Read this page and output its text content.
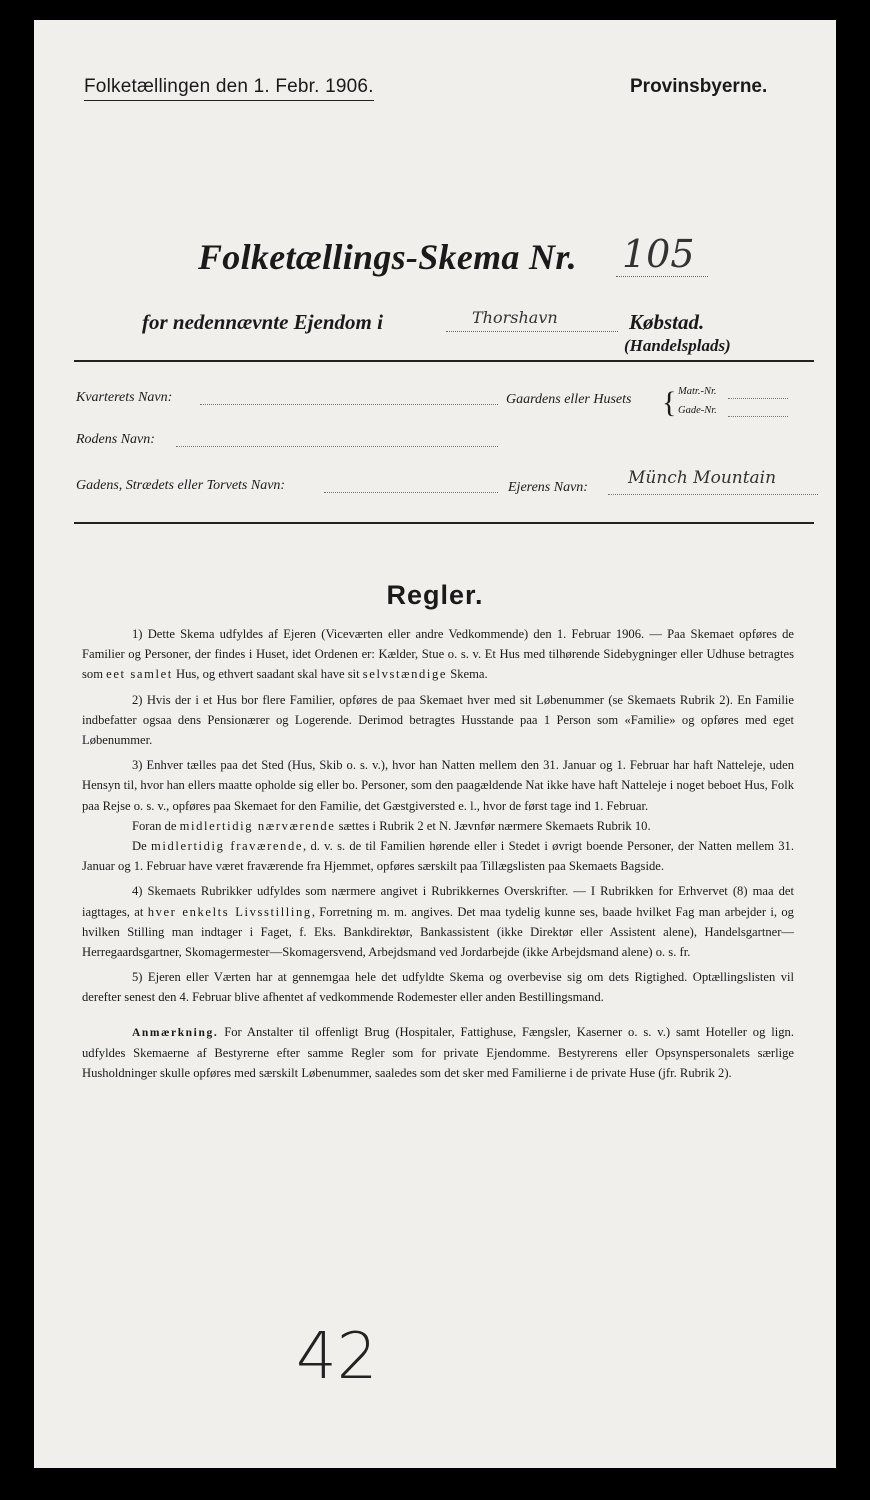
Folketællingen den 1. Febr. 1906.	Provinsbyerne.
Folketællings-Skema Nr. 105
for nedennævnte Ejendom i	Thorshavn	Købstad.
(Handelsplads)
Kvarterets Navn:	Gaardens eller Husets { Matr.-Nr.
Gade-Nr.
Rodens Navn:
Gadens, Strædets eller Torvets Navn:	Ejerens Navn: Münch Mountain
Regler.

1) Dette Skema udfyldes af Ejeren (Viceværten eller andre Vedkommende) den 1. Februar 1906. — Paa Skemaet opføres de Familier og Personer, der findes i Huset, idet Ordenen er: Kælder, Stue o. s. v. Et Hus med tilhørende Sidebygninger eller Udhuse betragtes som eet samlet Hus, og ethvert saadant skal have sit selvstændige Skema.

2) Hvis der i et Hus bor flere Familier, opføres de paa Skemaet hver med sit Løbenummer (se Skemaets Rubrik 2). En Familie indbefatter ogsaa dens Pensionærer og Logerende. Derimod betragtes Husstande paa 1 Person som «Familie» og opføres med eget Løbenummer.

3) Enhver tælles paa det Sted (Hus, Skib o. s. v.), hvor han Natten mellem den 31. Januar og 1. Februar har haft Natteleje, uden Hensyn til, hvor han ellers maatte opholde sig eller bo. Personer, som den paagældende Nat ikke have haft Natteleje i noget beboet Hus, Folk paa Rejse o. s. v., opføres paa Skemaet for den Familie, det Gæstgiversted e. l., hvor de først tage ind 1. Februar.

Foran de midlertidig nærværende sættes i Rubrik 2 et N. Jævnfør nærmere Skemaets Rubrik 10.

De midlertidig fraværende, d. v. s. de til Familien hørende eller i Stedet i øvrigt boende Personer, der Natten mellem 31. Januar og 1. Februar have været fraværende fra Hjemmet, opføres særskilt paa Tillægslisten paa Skemaets Bagside.

4) Skemaets Rubrikker udfyldes som nærmere angivet i Rubrikkernes Overskrifter. — I Rubrikken for Erhvervet (8) maa det iagttages, at hver enkelts Livsstilling, Forretning m. m. angives. Det maa tydelig kunne ses, baade hvilket Fag man arbejder i, og hvilken Stilling man indtager i Faget, f. Eks. Bankdirektør, Bankassistent (ikke Direktør eller Assistent alene), Handelsgartner—Herregaardsgartner, Skomagermester—Skomagersvend, Arbejdsmand ved Jordarbejde (ikke Arbejdsmand alene) o. s. fr.

5) Ejeren eller Værten har at gennemgaa hele det udfyldte Skema og overbevise sig om dets Rigtighed. Optællingslisten vil derefter senest den 4. Februar blive afhentet af vedkommende Rodemester eller anden Bestillingsmand.

Anmærkning. For Anstalter til offenligt Brug (Hospitaler, Fattighuse, Fængsler, Kaserner o. s. v.) samt Hoteller og lign. udfyldes Skemaerne af Bestyrerne efter samme Regler som for private Ejendomme. Bestyrerens eller Opsynspersonalets særlige Husholdninger skulle opføres med særskilt Løbenummer, saaledes som det sker med Familierne i de private Huse (jfr. Rubrik 2).

42
